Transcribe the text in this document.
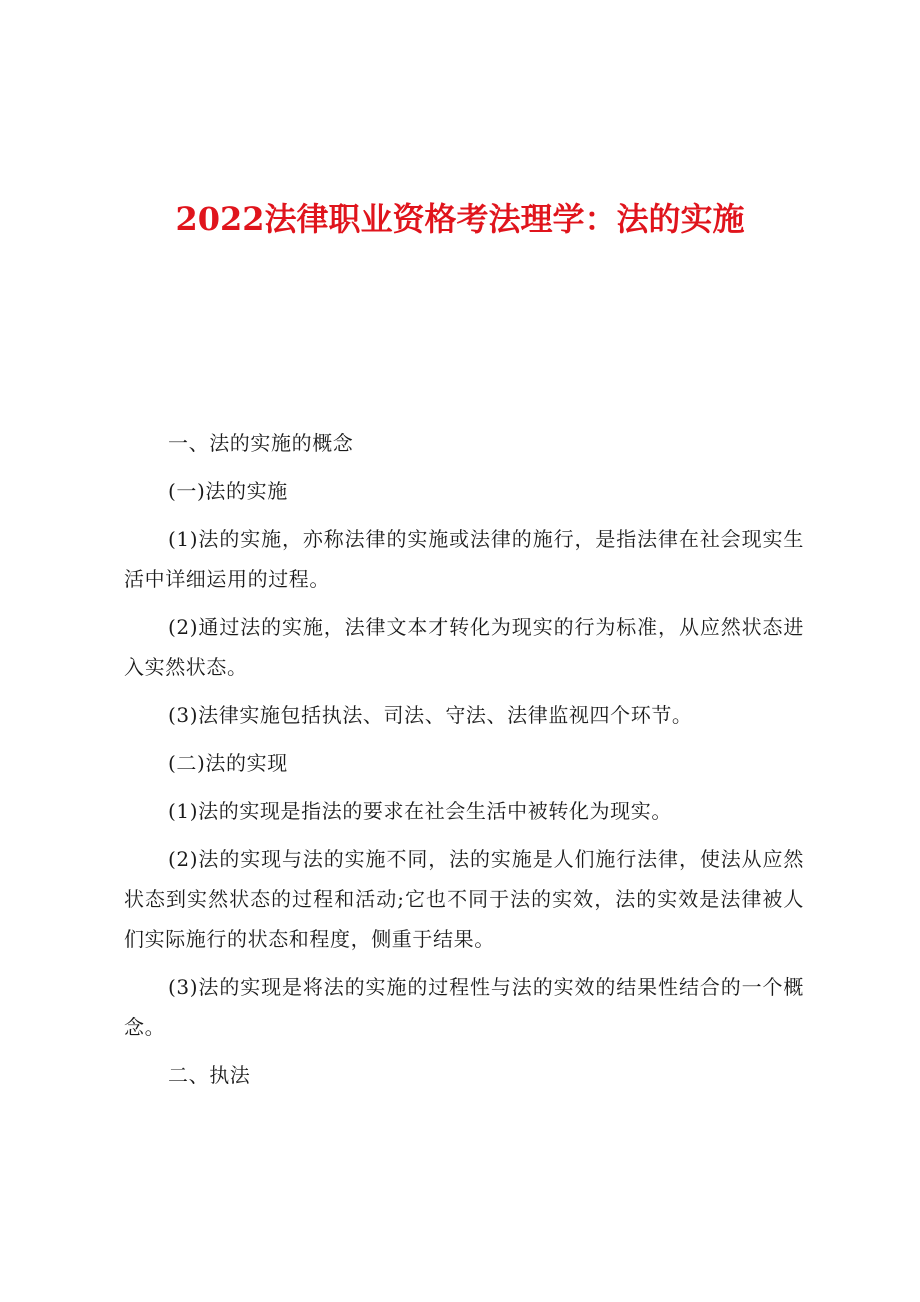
2022法律职业资格考法理学：法的实施

一、法的实施的概念

(一)法的实施

(1)法的实施，亦称法律的实施或法律的施行，是指法律在社会现实生活中详细运用的过程。

(2)通过法的实施，法律文本才转化为现实的行为标准，从应然状态进入实然状态。

(3)法律实施包括执法、司法、守法、法律监视四个环节。

(二)法的实现

(1)法的实现是指法的要求在社会生活中被转化为现实。

(2)法的实现与法的实施不同，法的实施是人们施行法律，使法从应然状态到实然状态的过程和活动;它也不同于法的实效，法的实效是法律被人们实际施行的状态和程度，侧重于结果。

(3)法的实现是将法的实施的过程性与法的实效的结果性结合的一个概念。

二、执法
